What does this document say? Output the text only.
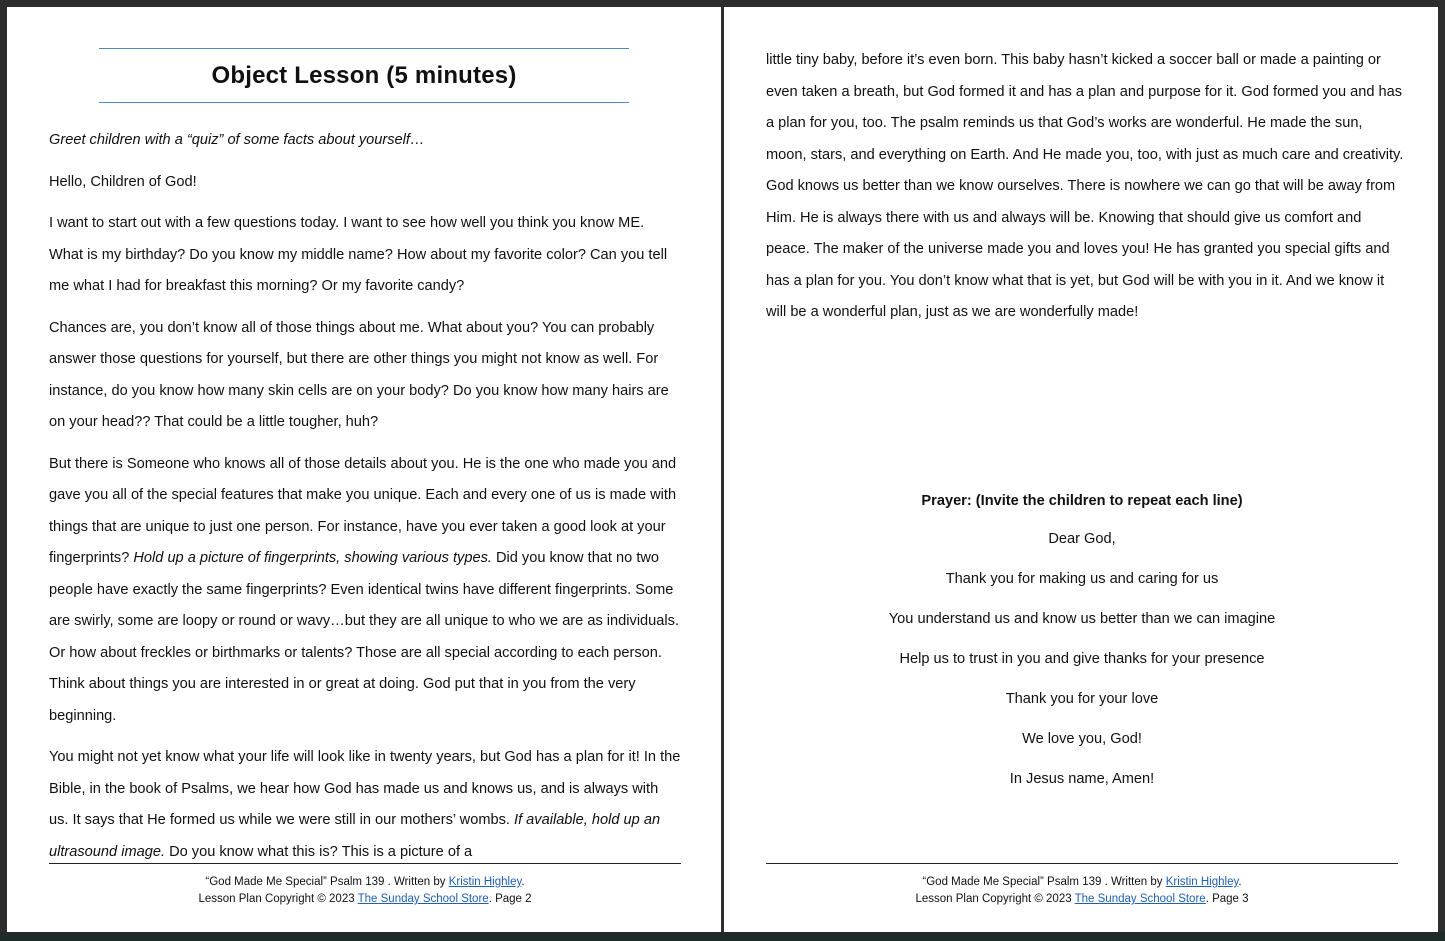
Object Lesson (5 minutes)

Greet children with a “quiz” of some facts about yourself…

Hello, Children of God!

I want to start out with a few questions today. I want to see how well you think you know ME. What is my birthday? Do you know my middle name? How about my favorite color? Can you tell me what I had for breakfast this morning? Or my favorite candy?

Chances are, you don’t know all of those things about me. What about you? You can probably answer those questions for yourself, but there are other things you might not know as well. For instance, do you know how many skin cells are on your body? Do you know how many hairs are on your head?? That could be a little tougher, huh?

But there is Someone who knows all of those details about you. He is the one who made you and gave you all of the special features that make you unique. Each and every one of us is made with things that are unique to just one person. For instance, have you ever taken a good look at your fingerprints? Hold up a picture of fingerprints, showing various types. Did you know that no two people have exactly the same fingerprints? Even identical twins have different fingerprints. Some are swirly, some are loopy or round or wavy…but they are all unique to who we are as individuals. Or how about freckles or birthmarks or talents? Those are all special according to each person. Think about things you are interested in or great at doing. God put that in you from the very beginning.

You might not yet know what your life will look like in twenty years, but God has a plan for it! In the Bible, in the book of Psalms, we hear how God has made us and knows us, and is always with us. It says that He formed us while we were still in our mothers’ wombs. If available, hold up an ultrasound image. Do you know what this is? This is a picture of a

“God Made Me Special” Psalm 139 . Written by Kristin Highley.
Lesson Plan Copyright © 2023 The Sunday School Store. Page 2

little tiny baby, before it’s even born. This baby hasn’t kicked a soccer ball or made a painting or even taken a breath, but God formed it and has a plan and purpose for it. God formed you and has a plan for you, too. The psalm reminds us that God’s works are wonderful. He made the sun, moon, stars, and everything on Earth. And He made you, too, with just as much care and creativity. God knows us better than we know ourselves. There is nowhere we can go that will be away from Him. He is always there with us and always will be. Knowing that should give us comfort and peace. The maker of the universe made you and loves you! He has granted you special gifts and has a plan for you. You don’t know what that is yet, but God will be with you in it. And we know it will be a wonderful plan, just as we are wonderfully made!

Prayer: (Invite the children to repeat each line)
Dear God,
Thank you for making us and caring for us
You understand us and know us better than we can imagine
Help us to trust in you and give thanks for your presence
Thank you for your love
We love you, God!
In Jesus name, Amen!
“God Made Me Special” Psalm 139 . Written by Kristin Highley.
Lesson Plan Copyright © 2023 The Sunday School Store. Page 3
